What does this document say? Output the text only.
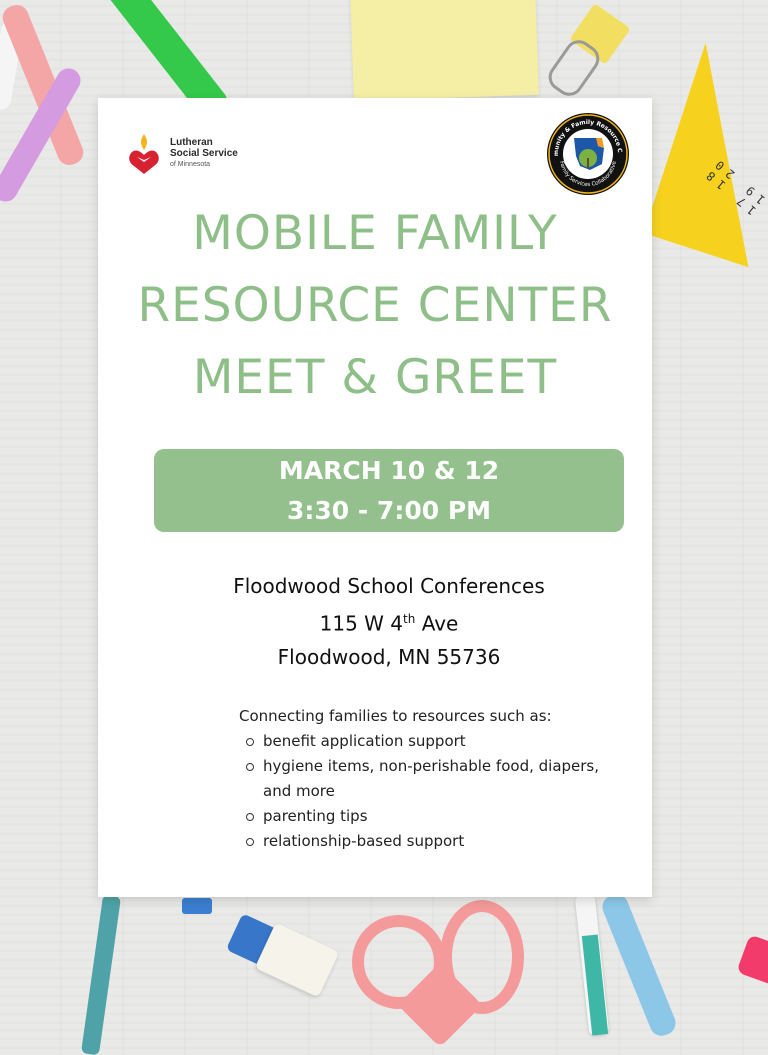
17 18 19 20
Lutheran
Social Service
of Minnesota
munity & Family Resource C
Family Services Collaborative
MOBILE FAMILY
RESOURCE CENTER
MEET & GREET
MARCH 10 & 12
3:30 - 7:00 PM
Floodwood School Conferences
115 W 4th Ave
Floodwood, MN 55736
Connecting families to resources such as:
benefit application support
hygiene items, non-perishable food, diapers, and more
parenting tips
relationship-based support
